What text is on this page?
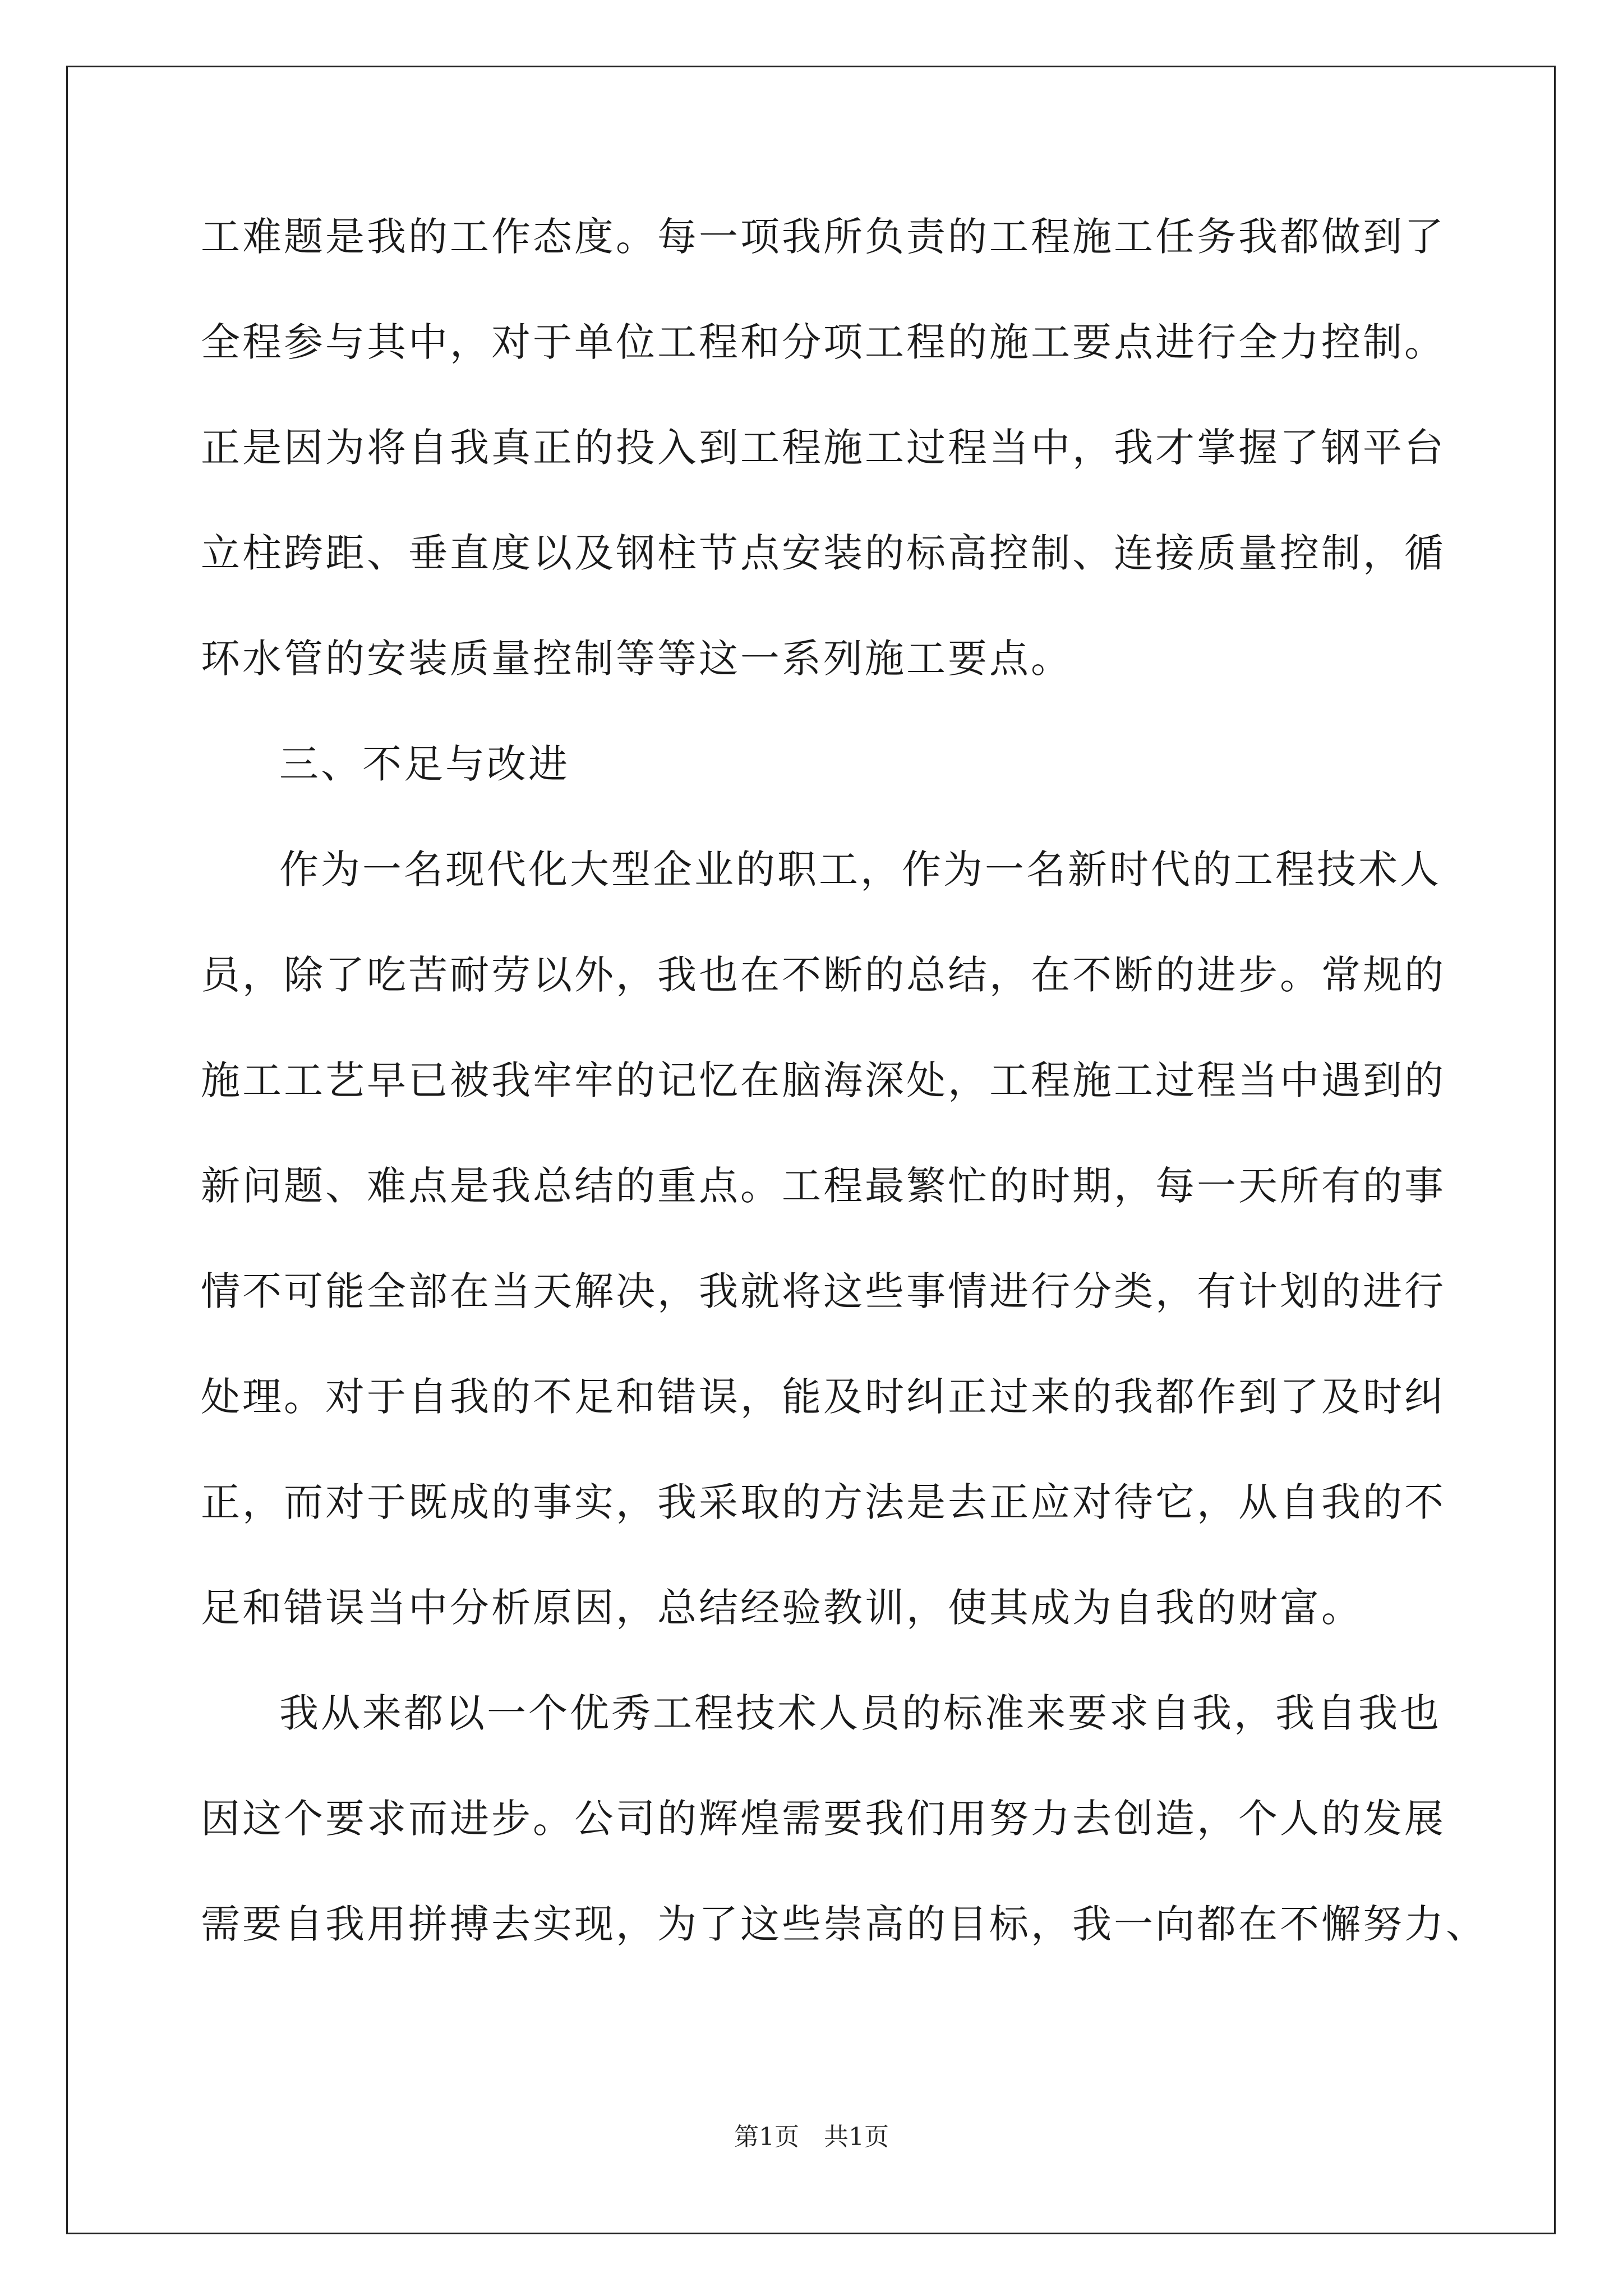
工难题是我的工作态度。每一项我所负责的工程施工任务我都做到了
全程参与其中，对于单位工程和分项工程的施工要点进行全力控制。
正是因为将自我真正的投入到工程施工过程当中，我才掌握了钢平台
立柱跨距、垂直度以及钢柱节点安装的标高控制、连接质量控制，循
环水管的安装质量控制等等这一系列施工要点。
三、不足与改进
作为一名现代化大型企业的职工，作为一名新时代的工程技术人
员，除了吃苦耐劳以外，我也在不断的总结，在不断的进步。常规的
施工工艺早已被我牢牢的记忆在脑海深处，工程施工过程当中遇到的
新问题、难点是我总结的重点。工程最繁忙的时期，每一天所有的事
情不可能全部在当天解决，我就将这些事情进行分类，有计划的进行
处理。对于自我的不足和错误，能及时纠正过来的我都作到了及时纠
正，而对于既成的事实，我采取的方法是去正应对待它，从自我的不
足和错误当中分析原因，总结经验教训，使其成为自我的财富。
我从来都以一个优秀工程技术人员的标准来要求自我，我自我也
因这个要求而进步。公司的辉煌需要我们用努力去创造，个人的发展
需要自我用拼搏去实现，为了这些崇高的目标，我一向都在不懈努力、
第1页　共1页
